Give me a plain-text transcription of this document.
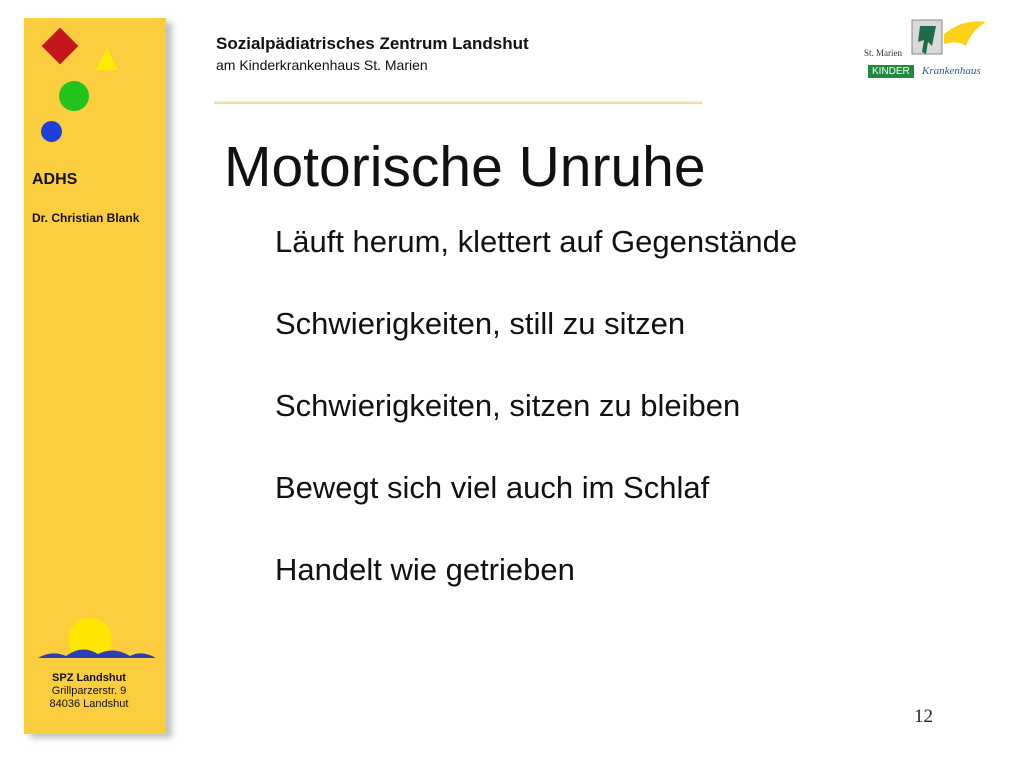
ADHS
Dr. Christian Blank
SPZ Landshut
Grillparzerstr. 9
84036 Landshut
Sozialpädiatrisches Zentrum Landshut
am Kinderkrankenhaus St. Marien
St. Marien
KINDER	Krankenhaus
Motorische Unruhe
Läuft herum, klettert auf Gegenstände
Schwierigkeiten, still zu sitzen
Schwierigkeiten, sitzen zu bleiben
Bewegt sich viel auch im Schlaf
Handelt wie getrieben
12
